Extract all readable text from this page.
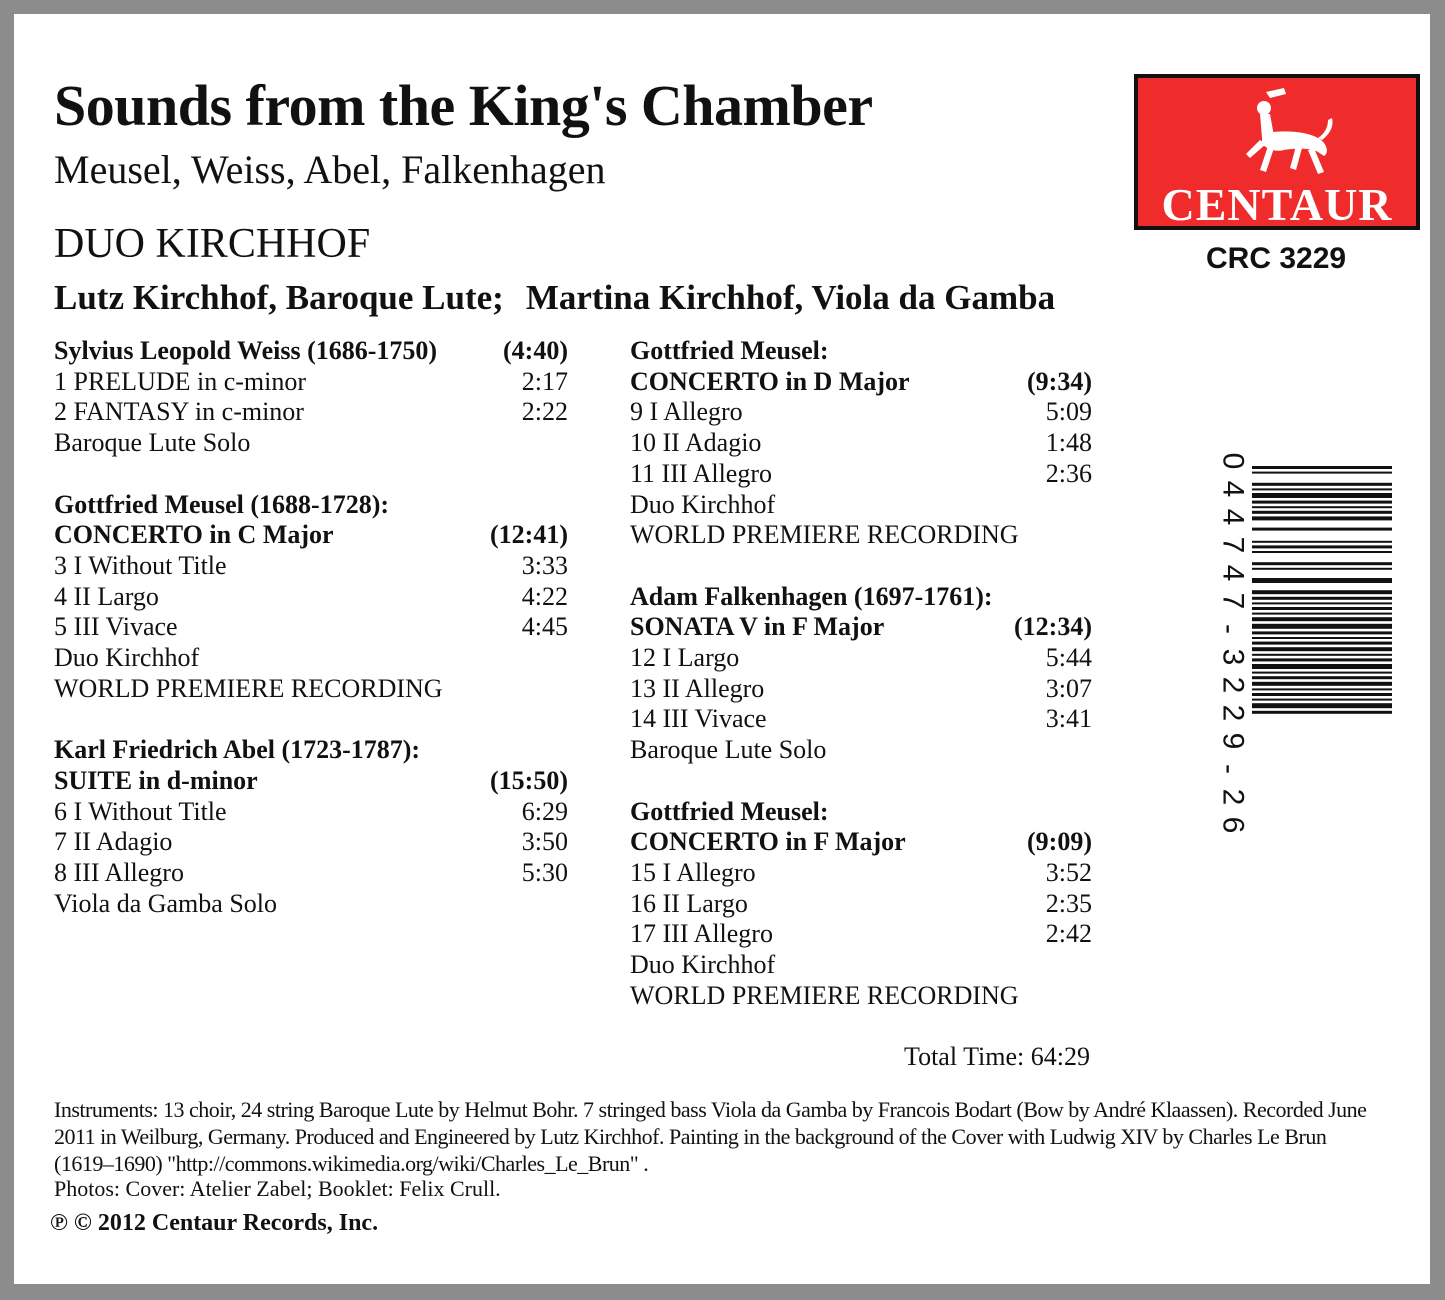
Sounds from the King's Chamber
Meusel, Weiss, Abel, Falkenhagen
DUO KIRCHHOF
Lutz Kirchhof, Baroque Lute; Martina Kirchhof, Viola da Gamba
CENTAUR
CRC 3229
Sylvius Leopold Weiss (1686-1750)	(4:40)
1 PRELUDE in c-minor	2:17
2 FANTASY in c-minor	2:22
Baroque Lute Solo
Gottfried Meusel (1688-1728):
CONCERTO in C Major	(12:41)
3 I Without Title	3:33
4 II Largo	4:22
5 III Vivace	4:45
Duo Kirchhof
WORLD PREMIERE RECORDING
Karl Friedrich Abel (1723-1787):
SUITE in d-minor	(15:50)
6 I Without Title	6:29
7 II Adagio	3:50
8 III Allegro	5:30
Viola da Gamba Solo
Gottfried Meusel:
CONCERTO in D Major	(9:34)
9 I Allegro	5:09
10 II Adagio	1:48
11 III Allegro	2:36
Duo Kirchhof
WORLD PREMIERE RECORDING
Adam Falkenhagen (1697-1761):
SONATA V in F Major	(12:34)
12 I Largo	5:44
13 II Allegro	3:07
14 III Vivace	3:41
Baroque Lute Solo
Gottfried Meusel:
CONCERTO in F Major	(9:09)
15 I Allegro	3:52
16 II Largo	2:35
17 III Allegro	2:42
Duo Kirchhof
WORLD PREMIERE RECORDING
0
4
4
7
4
7
-
3
2
2
9
-
2
6
Total Time: 64:29
Instruments: 13 choir, 24 string Baroque Lute by Helmut Bohr. 7 stringed bass Viola da Gamba by Francois Bodart (Bow by André Klaassen). Recorded June 2011 in Weilburg, Germany. Produced and Engineered by Lutz Kirchhof. Painting in the background of the Cover with Ludwig XIV by Charles Le Brun (1619–1690) "http://commons.wikimedia.org/wiki/Charles_Le_Brun" .
Photos: Cover: Atelier Zabel; Booklet: Felix Crull.
℗ © 2012 Centaur Records, Inc.
